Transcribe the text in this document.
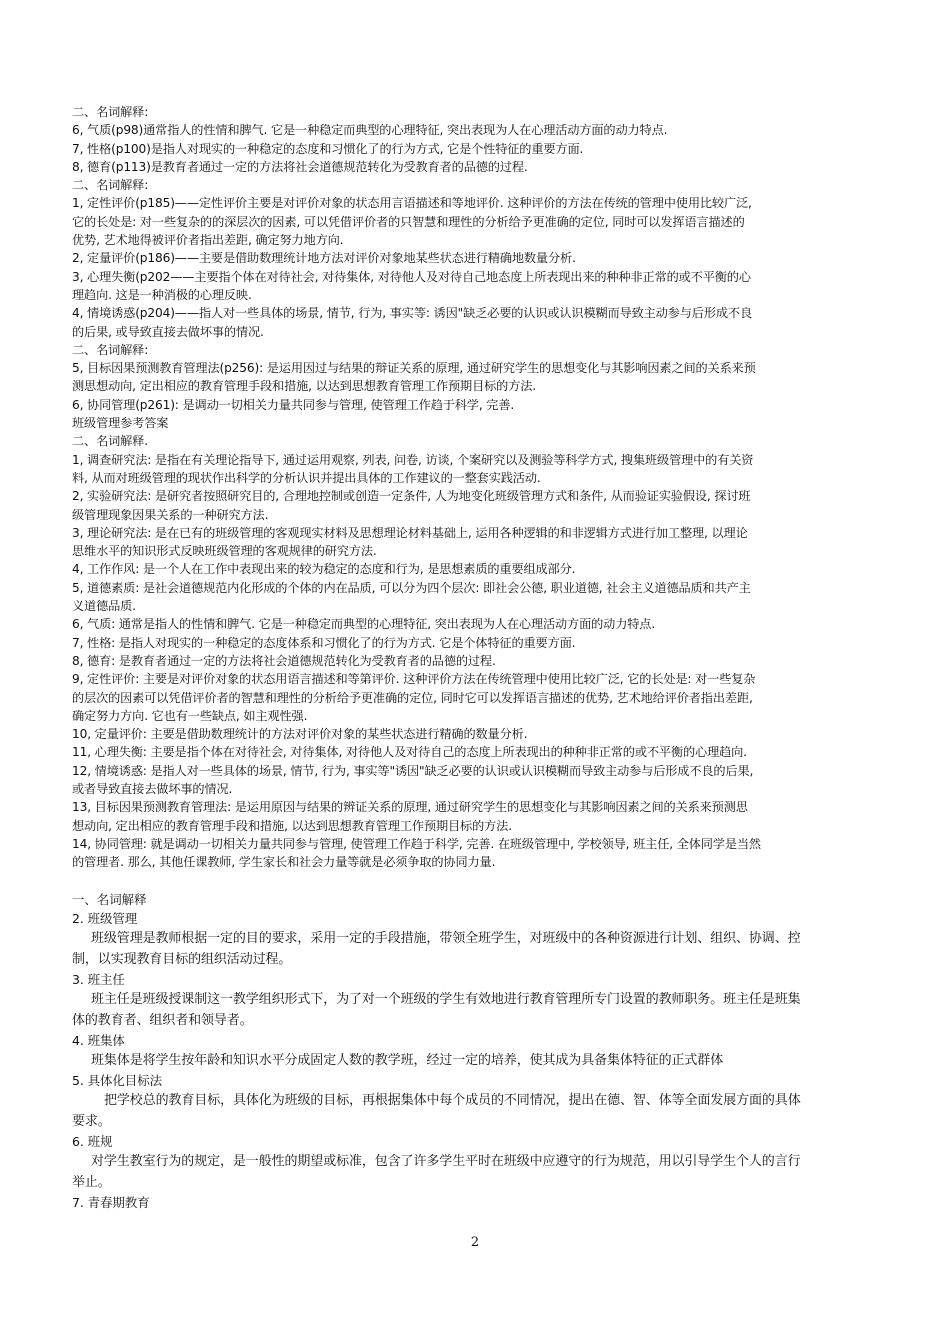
二、名词解释:
6, 气质(p98)通常指人的性情和脾气. 它是一种稳定而典型的心理特征, 突出表现为人在心理活动方面的动力特点.
7, 性格(p100)是指人对现实的一种稳定的态度和习惯化了的行为方式, 它是个性特征的重要方面.
8, 德育(p113)是教育者通过一定的方法将社会道德规范转化为受教育者的品德的过程.
二、名词解释:
1, 定性评价(p185)——定性评价主要是对评价对象的状态用言语描述和等地评价. 这种评价的方法在传统的管理中使用比较广泛,
它的长处是: 对一些复杂的的深层次的因素, 可以凭借评价者的只智慧和理性的分析给予更准确的定位, 同时可以发挥语言描述的
优势, 艺术地得被评价者指出差距, 确定努力地方向.
2, 定量评价(p186)——主要是借助数理统计地方法对评价对象地某些状态进行精确地数量分析.
3, 心理失衡(p202——主要指个体在对待社会, 对待集体, 对待他人及对待自己地态度上所表现出来的种种非正常的或不平衡的心
理趋向. 这是一种消极的心理反映.
4, 情境诱惑(p204)——指人对一些具体的场景, 情节, 行为, 事实等: 诱因"缺乏必要的认识或认识模糊而导致主动参与后形成不良
的后果, 或导致直接去做坏事的情况.
二、名词解释:
5, 目标因果预测教育管理法(p256): 是运用因过与结果的辩证关系的原理, 通过研究学生的思想变化与其影响因素之间的关系来预
测思想动向, 定出相应的教育管理手段和措施, 以达到思想教育管理工作预期目标的方法.
6, 协同管理(p261): 是调动一切相关力量共同参与管理, 使管理工作趋于科学, 完善.
班级管理参考答案
二、名词解释.
1, 调查研究法: 是指在有关理论指导下, 通过运用观察, 列表, 问卷, 访谈, 个案研究以及测验等科学方式, 搜集班级管理中的有关资
料, 从而对班级管理的现状作出科学的分析认识并提出具体的工作建议的一整套实践活动.
2, 实验研究法: 是研究者按照研究目的, 合理地控制或创造一定条件, 人为地变化班级管理方式和条件, 从而验证实验假设, 探讨班
级管理现象因果关系的一种研究方法.
3, 理论研究法: 是在已有的班级管理的客观现实材料及思想理论材料基础上, 运用各种逻辑的和非逻辑方式进行加工整理, 以理论
思维水平的知识形式反映班级管理的客观规律的研究方法.
4, 工作作风: 是一个人在工作中表现出来的较为稳定的态度和行为, 是思想素质的重要组成部分.
5, 道德素质: 是社会道德规范内化形成的个体的内在品质, 可以分为四个层次: 即社会公德, 职业道德, 社会主义道德品质和共产主
义道德品质.
6, 气质: 通常是指人的性情和脾气. 它是一种稳定而典型的心理特征, 突出表现为人在心理活动方面的动力特点.
7, 性格: 是指人对现实的一种稳定的态度体系和习惯化了的行为方式. 它是个体特征的重要方面.
8, 德育: 是教育者通过一定的方法将社会道德规范转化为受教育者的品德的过程.
9, 定性评价: 主要是对评价对象的状态用语言描述和等第评价. 这种评价方法在传统管理中使用比较广泛, 它的长处是: 对一些复杂
的层次的因素可以凭借评价者的智慧和理性的分析给予更准确的定位, 同时它可以发挥语言描述的优势, 艺术地给评价者指出差距,
确定努力方向. 它也有一些缺点, 如主观性强.
10, 定量评价: 主要是借助数理统计的方法对评价对象的某些状态进行精确的数量分析.
11, 心理失衡: 主要是指个体在对待社会, 对待集体, 对待他人及对待自己的态度上所表现出的种种非正常的或不平衡的心理趋向.
12, 情境诱惑: 是指人对一些具体的场景, 情节, 行为, 事实等"诱因"缺乏必要的认识或认识模糊而导致主动参与后形成不良的后果,
或者导致直接去做坏事的情况.
13, 目标因果预测教育管理法: 是运用原因与结果的辨证关系的原理, 通过研究学生的思想变化与其影响因素之间的关系来预测思
想动向, 定出相应的教育管理手段和措施, 以达到思想教育管理工作预期目标的方法.
14, 协同管理: 就是调动一切相关力量共同参与管理, 使管理工作趋于科学, 完善. 在班级管理中, 学校领导, 班主任, 全体同学是当然
的管理者. 那么, 其他任课教师, 学生家长和社会力量等就是必须争取的协同力量.
一、名词解释
2. 班级管理
班级管理是教师根据一定的目的要求，采用一定的手段措施，带领全班学生，对班级中的各种资源进行计划、组织、协调、控
制，以实现教育目标的组织活动过程。
3. 班主任
班主任是班级授课制这一教学组织形式下，为了对一个班级的学生有效地进行教育管理所专门设置的教师职务。班主任是班集
体的教育者、组织者和领导者。
4. 班集体
班集体是将学生按年龄和知识水平分成固定人数的教学班，经过一定的培养，使其成为具备集体特征的正式群体
5. 具体化目标法
把学校总的教育目标，具体化为班级的目标，再根据集体中每个成员的不同情况，提出在德、智、体等全面发展方面的具体
要求。
6. 班规
对学生教室行为的规定，是一般性的期望或标准，包含了许多学生平时在班级中应遵守的行为规范，用以引导学生个人的言行
举止。
7. 青春期教育
2
